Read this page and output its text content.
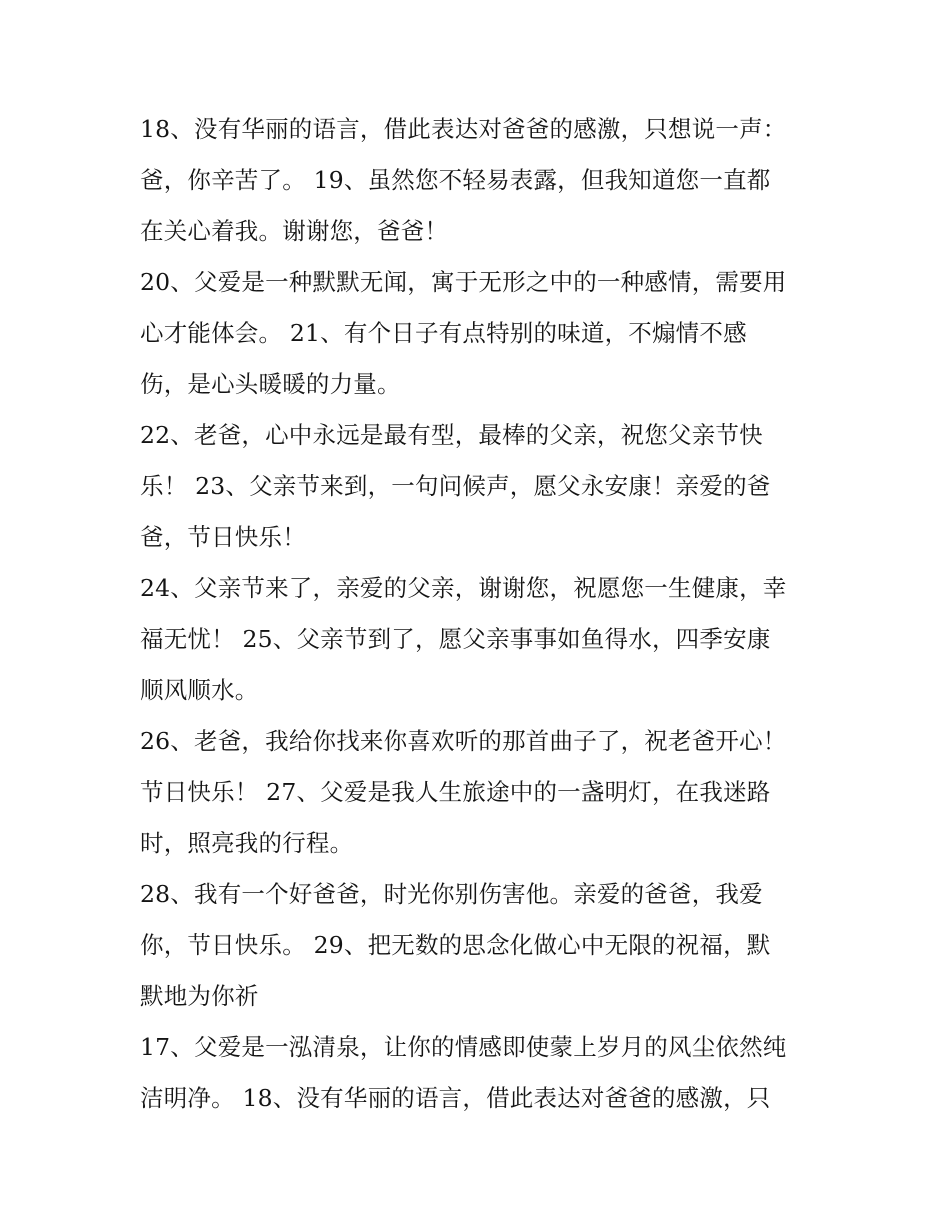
18、没有华丽的语言，借此表达对爸爸的感激，只想说一声：
爸，你辛苦了。 19、虽然您不轻易表露，但我知道您一直都
在关心着我。谢谢您，爸爸！
20、父爱是一种默默无闻，寓于无形之中的一种感情，需要用
心才能体会。 21、有个日子有点特别的味道，不煽情不感
伤，是心头暖暖的力量。
22、老爸，心中永远是最有型，最棒的父亲，祝您父亲节快
乐！ 23、父亲节来到，一句问候声，愿父永安康！亲爱的爸
爸，节日快乐！
24、父亲节来了，亲爱的父亲，谢谢您，祝愿您一生健康，幸
福无忧！ 25、父亲节到了，愿父亲事事如鱼得水，四季安康
顺风顺水。
26、老爸，我给你找来你喜欢听的那首曲子了，祝老爸开心！
节日快乐！ 27、父爱是我人生旅途中的一盏明灯，在我迷路
时，照亮我的行程。
28、我有一个好爸爸，时光你别伤害他。亲爱的爸爸，我爱
你，节日快乐。 29、把无数的思念化做心中无限的祝福，默
默地为你祈
17、父爱是一泓清泉，让你的情感即使蒙上岁月的风尘依然纯
洁明净。 18、没有华丽的语言，借此表达对爸爸的感激，只
